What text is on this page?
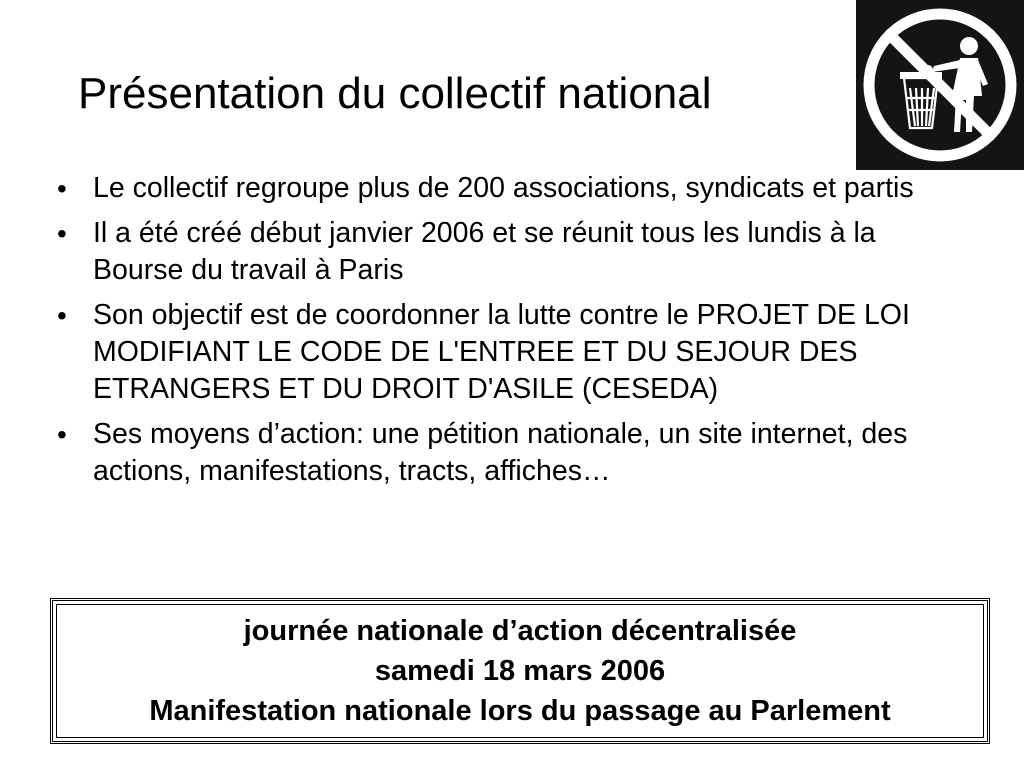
Présentation du collectif national
• Le collectif regroupe plus de 200 associations, syndicats et partis
• Il a été créé début janvier 2006 et se réunit tous les lundis à la Bourse du travail à Paris
• Son objectif est de coordonner la lutte contre le PROJET DE LOI MODIFIANT LE CODE DE L'ENTREE ET DU SEJOUR DES ETRANGERS ET DU DROIT D'ASILE (CESEDA)
• Ses moyens d’action: une pétition nationale, un site internet, des actions, manifestations, tracts, affiches…
journée nationale d’action décentralisée
samedi 18 mars 2006
Manifestation nationale lors du passage au Parlement
